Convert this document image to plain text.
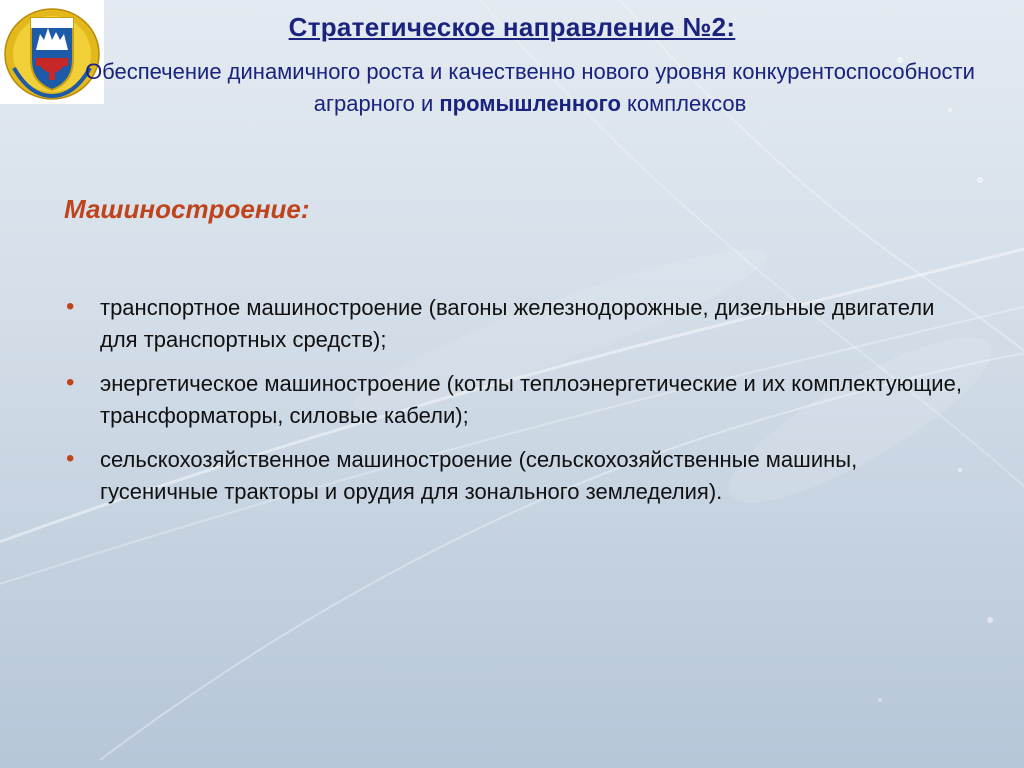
Стратегическое направление №2:
Обеспечение динамичного роста и качественно нового уровня конкурентоспособности аграрного и промышленного комплексов
Машиностроение:
• транспортное машиностроение (вагоны железнодорожные, дизельные двигатели для транспортных средств);
• энергетическое машиностроение (котлы теплоэнергетические и их комплектующие, трансформаторы, силовые кабели);
• сельскохозяйственное машиностроение (сельскохозяйственные машины, гусеничные тракторы и орудия для зонального земледелия).
